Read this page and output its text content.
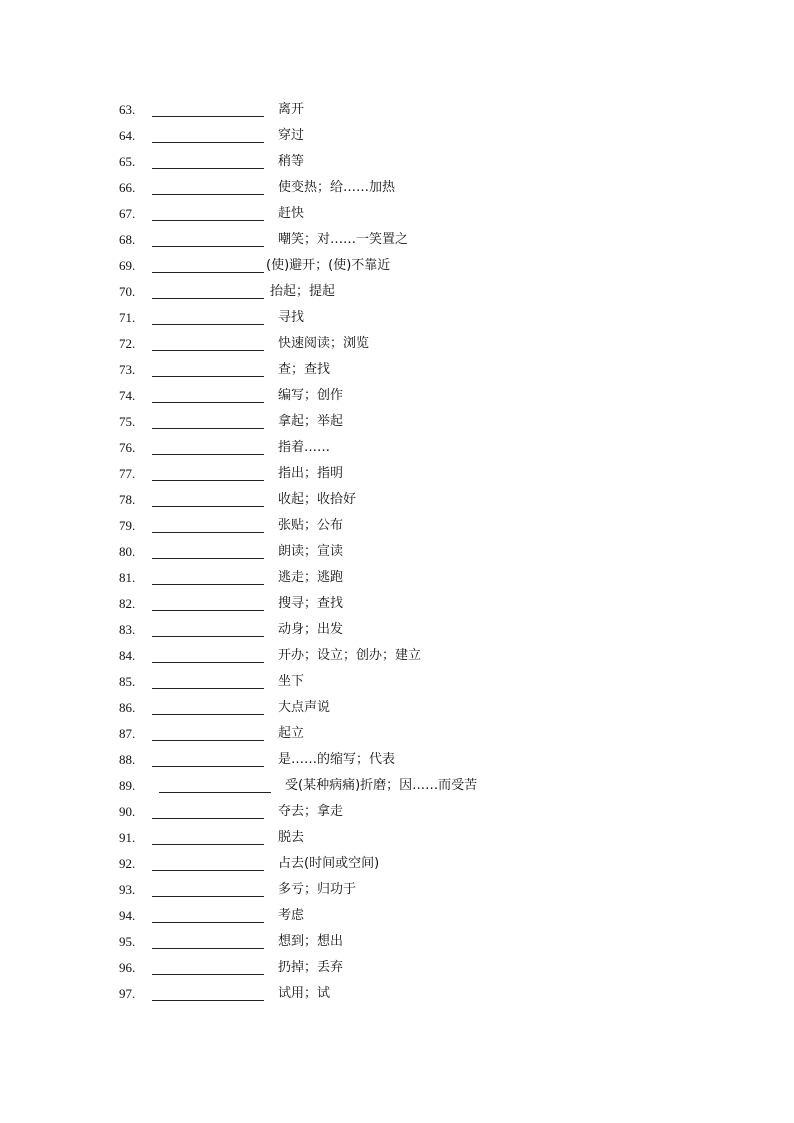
63.	离开
64.	穿过
65.	稍等
66.	使变热；给……加热
67.	赶快
68.	嘲笑；对……一笑置之
69.	(使)避开；(使)不靠近
70.	抬起；提起
71.	寻找
72.	快速阅读；浏览
73.	查；查找
74.	编写；创作
75.	拿起；举起
76.	指着……
77.	指出；指明
78.	收起；收拾好
79.	张贴；公布
80.	朗读；宣读
81.	逃走；逃跑
82.	搜寻；查找
83.	动身；出发
84.	开办；设立；创办；建立
85.	坐下
86.	大点声说
87.	起立
88.	是……的缩写；代表
89.	受(某种病痛)折磨；因……而受苦
90.	夺去；拿走
91.	脱去
92.	占去(时间或空间)
93.	多亏；归功于
94.	考虑
95.	想到；想出
96.	扔掉；丢弃
97.	试用；试
